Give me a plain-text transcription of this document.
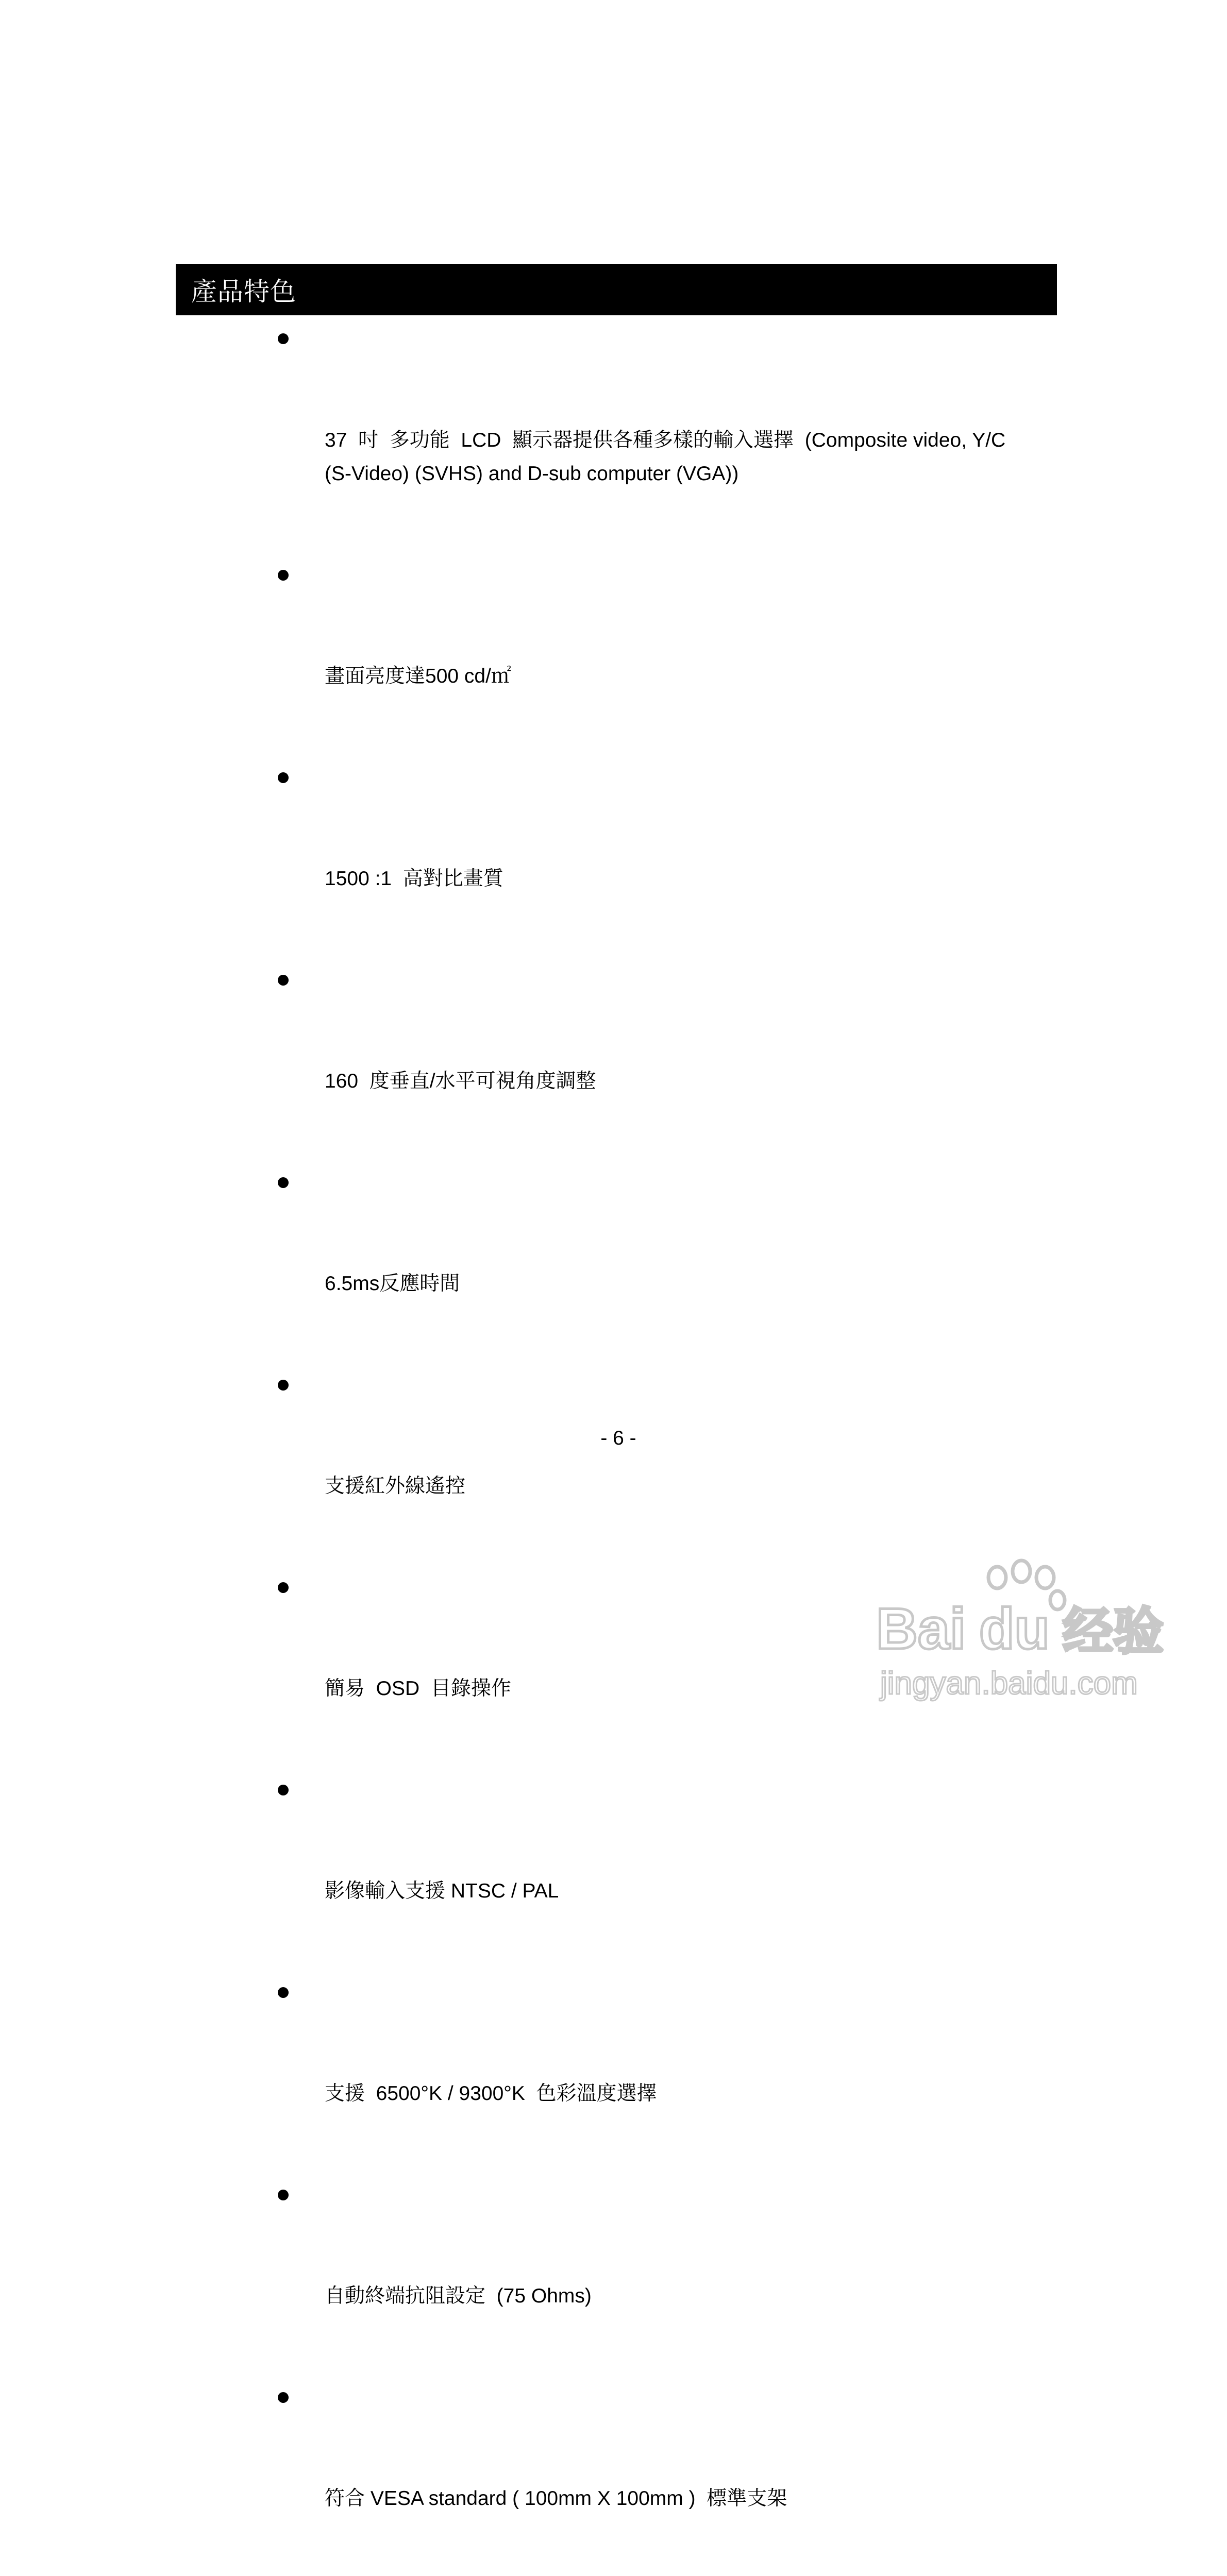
產品特色

37  吋  多功能  LCD  顯示器提供各種多樣的輸入選擇  (Composite video, Y/C (S-Video) (SVHS) and D-sub computer (VGA))

畫面亮度達500 cd/㎡

1500 :1  高對比畫質

160  度垂直/水平可視角度調整

6.5ms反應時間

支援紅外線遙控

簡易  OSD  目錄操作

影像輸入支援 NTSC / PAL

支援  6500°K / 9300°K  色彩溫度選擇

自動終端抗阻設定  (75 Ohms)

符合 VESA standard ( 100mm X 100mm )  標準支架

- 6 -
Bai du 经验
jingyan.baidu.com
